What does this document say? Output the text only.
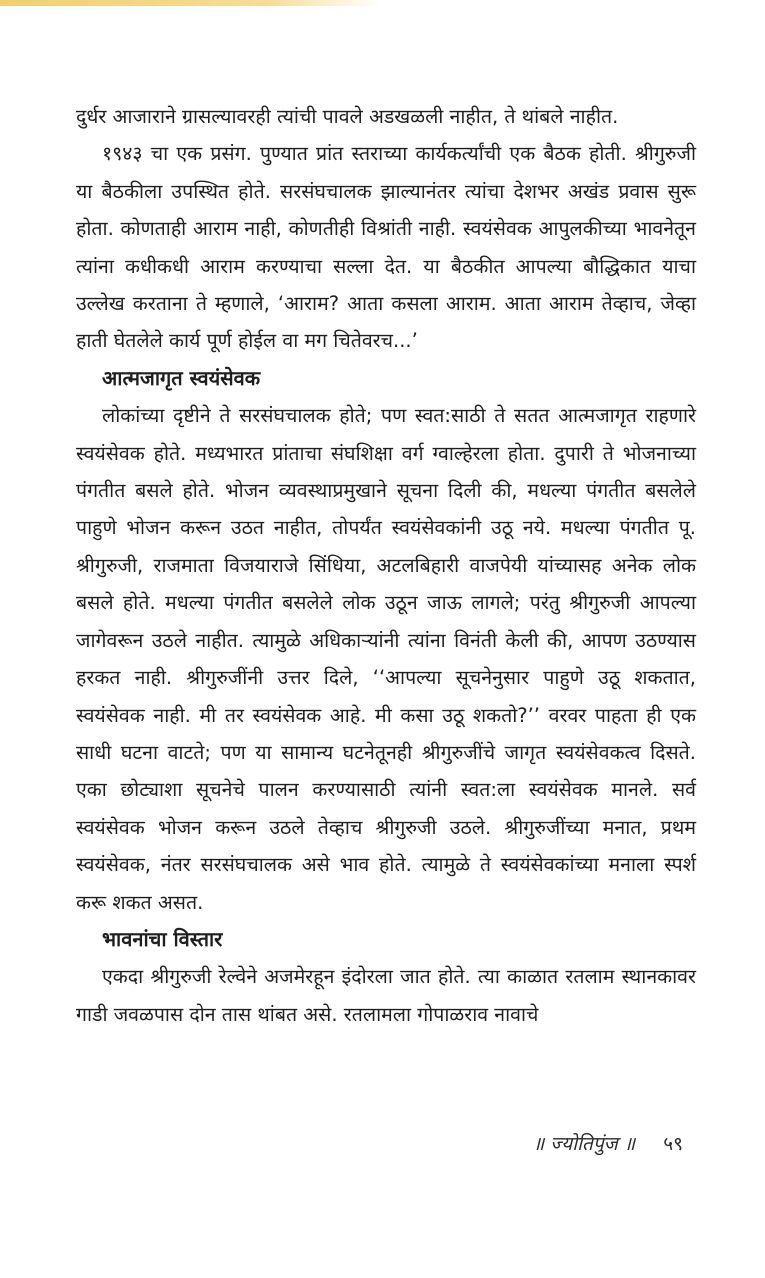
दुर्धर आजाराने ग्रासल्यावरही त्यांची पावले अडखळली नाहीत, ते थांबले नाहीत.

१९४३ चा एक प्रसंग. पुण्यात प्रांत स्तराच्या कार्यकर्त्यांची एक बैठक होती. श्रीगुरुजी या बैठकीला उपस्थित होते. सरसंघचालक झाल्यानंतर त्यांचा देशभर अखंड प्रवास सुरू होता. कोणताही आराम नाही, कोणतीही विश्रांती नाही. स्वयंसेवक आपुलकीच्या भावनेतून त्यांना कधीकधी आराम करण्याचा सल्ला देत. या बैठकीत आपल्या बौद्धिकात याचा उल्लेख करताना ते म्हणाले, ‘आराम? आता कसला आराम. आता आराम तेव्हाच, जेव्हा हाती घेतलेले कार्य पूर्ण होईल वा मग चितेवरच...’

आत्मजागृत स्वयंसेवक

लोकांच्या दृष्टीने ते सरसंघचालक होते; पण स्वत:साठी ते सतत आत्मजागृत राहणारे स्वयंसेवक होते. मध्यभारत प्रांताचा संघशिक्षा वर्ग ग्वाल्हेरला होता. दुपारी ते भोजनाच्या पंगतीत बसले होते. भोजन व्यवस्थाप्रमुखाने सूचना दिली की, मधल्या पंगतीत बसलेले पाहुणे भोजन करून उठत नाहीत, तोपर्यंत स्वयंसेवकांनी उठू नये. मधल्या पंगतीत पू. श्रीगुरुजी, राजमाता विजयाराजे सिंधिया, अटलबिहारी वाजपेयी यांच्यासह अनेक लोक बसले होते. मधल्या पंगतीत बसलेले लोक उठून जाऊ लागले; परंतु श्रीगुरुजी आपल्या जागेवरून उठले नाहीत. त्यामुळे अधिकाऱ्यांनी त्यांना विनंती केली की, आपण उठण्यास हरकत नाही. श्रीगुरुजींनी उत्तर दिले, ‘‘आपल्या सूचनेनुसार पाहुणे उठू शकतात, स्वयंसेवक नाही. मी तर स्वयंसेवक आहे. मी कसा उठू शकतो?’’ वरवर पाहता ही एक साधी घटना वाटते; पण या सामान्य घटनेतूनही श्रीगुरुजींचे जागृत स्वयंसेवकत्व दिसते. एका छोट्याशा सूचनेचे पालन करण्यासाठी त्यांनी स्वत:ला स्वयंसेवक मानले. सर्व स्वयंसेवक भोजन करून उठले तेव्हाच श्रीगुरुजी उठले. श्रीगुरुजींच्या मनात, प्रथम स्वयंसेवक, नंतर सरसंघचालक असे भाव होते. त्यामुळे ते स्वयंसेवकांच्या मनाला स्पर्श करू शकत असत.

भावनांचा विस्तार

एकदा श्रीगुरुजी रेल्वेने अजमेरहून इंदोरला जात होते. त्या काळात रतलाम स्थानकावर गाडी जवळपास दोन तास थांबत असे. रतलामला गोपाळराव नावाचे

॥ ज्योतिपुंज ॥ ५९
